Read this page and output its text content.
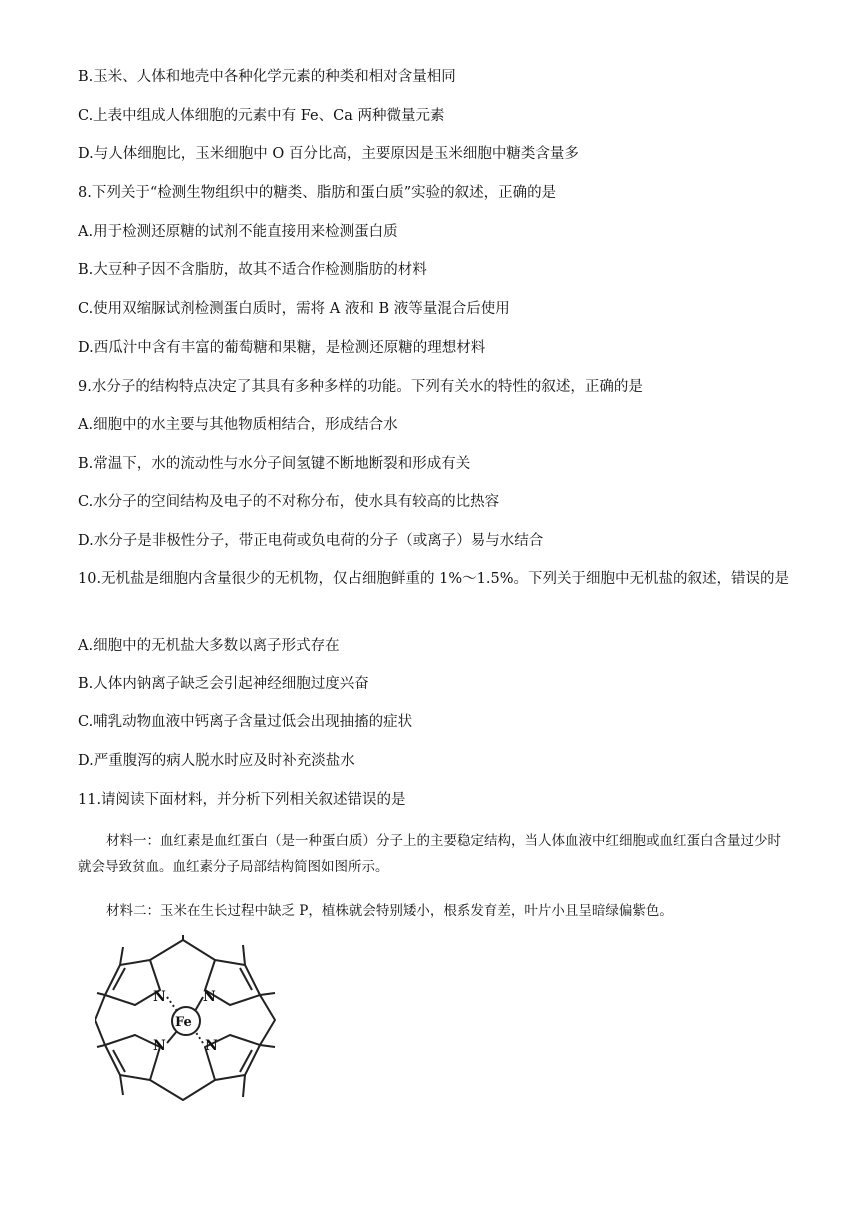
B.玉米、人体和地壳中各种化学元素的种类和相对含量相同
C.上表中组成人体细胞的元素中有 Fe、Ca 两种微量元素
D.与人体细胞比，玉米细胞中 O 百分比高，主要原因是玉米细胞中糖类含量多
8.下列关于“检测生物组织中的糖类、脂肪和蛋白质”实验的叙述，正确的是
A.用于检测还原糖的试剂不能直接用来检测蛋白质
B.大豆种子因不含脂肪，故其不适合作检测脂肪的材料
C.使用双缩脲试剂检测蛋白质时，需将 A 液和 B 液等量混合后使用
D.西瓜汁中含有丰富的葡萄糖和果糖，是检测还原糖的理想材料
9.水分子的结构特点决定了其具有多种多样的功能。下列有关水的特性的叙述，正确的是
A.细胞中的水主要与其他物质相结合，形成结合水
B.常温下，水的流动性与水分子间氢键不断地断裂和形成有关
C.水分子的空间结构及电子的不对称分布，使水具有较高的比热容
D.水分子是非极性分子，带正电荷或负电荷的分子（或离子）易与水结合
10.无机盐是细胞内含量很少的无机物，仅占细胞鲜重的 1%～1.5%。下列关于细胞中无机盐的叙述，错误的是
A.细胞中的无机盐大多数以离子形式存在
B.人体内钠离子缺乏会引起神经细胞过度兴奋
C.哺乳动物血液中钙离子含量过低会出现抽搐的症状
D.严重腹泻的病人脱水时应及时补充淡盐水
11.请阅读下面材料，并分析下列相关叙述错误的是
材料一：血红素是血红蛋白（是一种蛋白质）分子上的主要稳定结构，当人体血液中红细胞或血红蛋白含量过少时就会导致贫血。血红素分子局部结构简图如图所示。
材料二：玉米在生长过程中缺乏 P，植株就会特别矮小，根系发育差，叶片小且呈暗绿偏紫色。
N	N
N	N
Fe
